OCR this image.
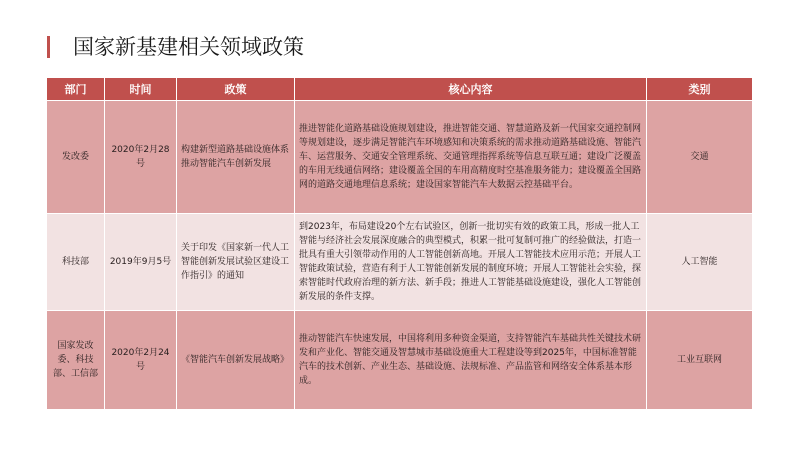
国家新基建相关领域政策
部门	时间	政策	核心内容	类别
发改委	2020年2月28号	构建新型道路基础设施体系 推动智能汽车创新发展	推进智能化道路基础设施规划建设，推进智能交通、智慧道路及新一代国家交通控制网等规划建设，逐步满足智能汽车环境感知和决策系统的需求推动道路基础设施、智能汽车、运营服务、交通安全管理系统、交通管理指挥系统等信息互联互通；建设广泛覆盖的车用无线通信网络；建设覆盖全国的车用高精度时空基准服务能力；建设覆盖全国路网的道路交通地理信息系统；建设国家智能汽车大数据云控基础平台。	交通
科技部	2019年9月5号	关于印发《国家新一代人工智能创新发展试验区建设工作指引》的通知	到2023年，布局建设20个左右试验区，创新一批切实有效的政策工具，形成一批人工智能与经济社会发展深度融合的典型模式，积累一批可复制可推广的经验做法，打造一批具有重大引领带动作用的人工智能创新高地。开展人工智能技术应用示范；开展人工智能政策试验，营造有利于人工智能创新发展的制度环境；开展人工智能社会实验，探索智能时代政府治理的新方法、新手段；推进人工智能基础设施建设，强化人工智能创新发展的条件支撑。	人工智能
国家发改委、科技部、工信部	2020年2月24号	《智能汽车创新发展战略》	推动智能汽车快速发展，中国将利用多种资金渠道，支持智能汽车基础共性关键技术研发和产业化、智能交通及智慧城市基础设施重大工程建设等到2025年，中国标准智能汽车的技术创新、产业生态、基础设施、法规标准、产品监管和网络安全体系基本形成。	工业互联网
